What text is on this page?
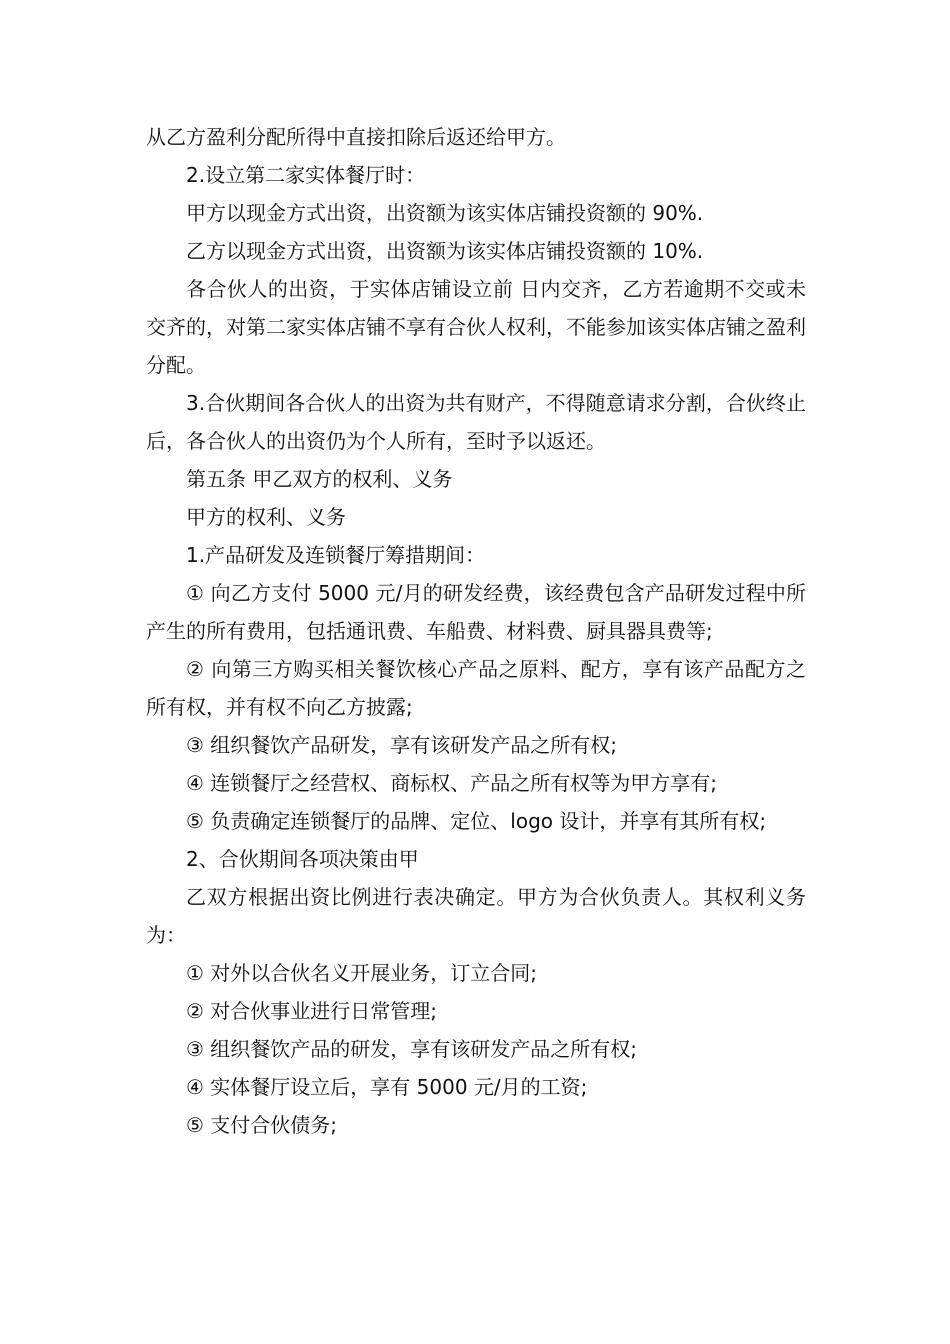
从乙方盈利分配所得中直接扣除后返还给甲方。

2.设立第二家实体餐厅时：

甲方以现金方式出资，出资额为该实体店铺投资额的 90%.

乙方以现金方式出资，出资额为该实体店铺投资额的 10%.

各合伙人的出资，于实体店铺设立前 日内交齐，乙方若逾期不交或未交齐的，对第二家实体店铺不享有合伙人权利，不能参加该实体店铺之盈利分配。

3.合伙期间各合伙人的出资为共有财产，不得随意请求分割，合伙终止后，各合伙人的出资仍为个人所有，至时予以返还。

第五条 甲乙双方的权利、义务

甲方的权利、义务

1.产品研发及连锁餐厅筹措期间：

① 向乙方支付 5000 元/月的研发经费，该经费包含产品研发过程中所产生的所有费用，包括通讯费、车船费、材料费、厨具器具费等;

② 向第三方购买相关餐饮核心产品之原料、配方，享有该产品配方之所有权，并有权不向乙方披露;

③ 组织餐饮产品研发，享有该研发产品之所有权;

④ 连锁餐厅之经营权、商标权、产品之所有权等为甲方享有;

⑤ 负责确定连锁餐厅的品牌、定位、logo 设计，并享有其所有权;

2、合伙期间各项决策由甲

乙双方根据出资比例进行表决确定。甲方为合伙负责人。其权利义务为：

① 对外以合伙名义开展业务，订立合同;

② 对合伙事业进行日常管理;

③ 组织餐饮产品的研发，享有该研发产品之所有权;

④ 实体餐厅设立后，享有 5000 元/月的工资;

⑤ 支付合伙债务;
